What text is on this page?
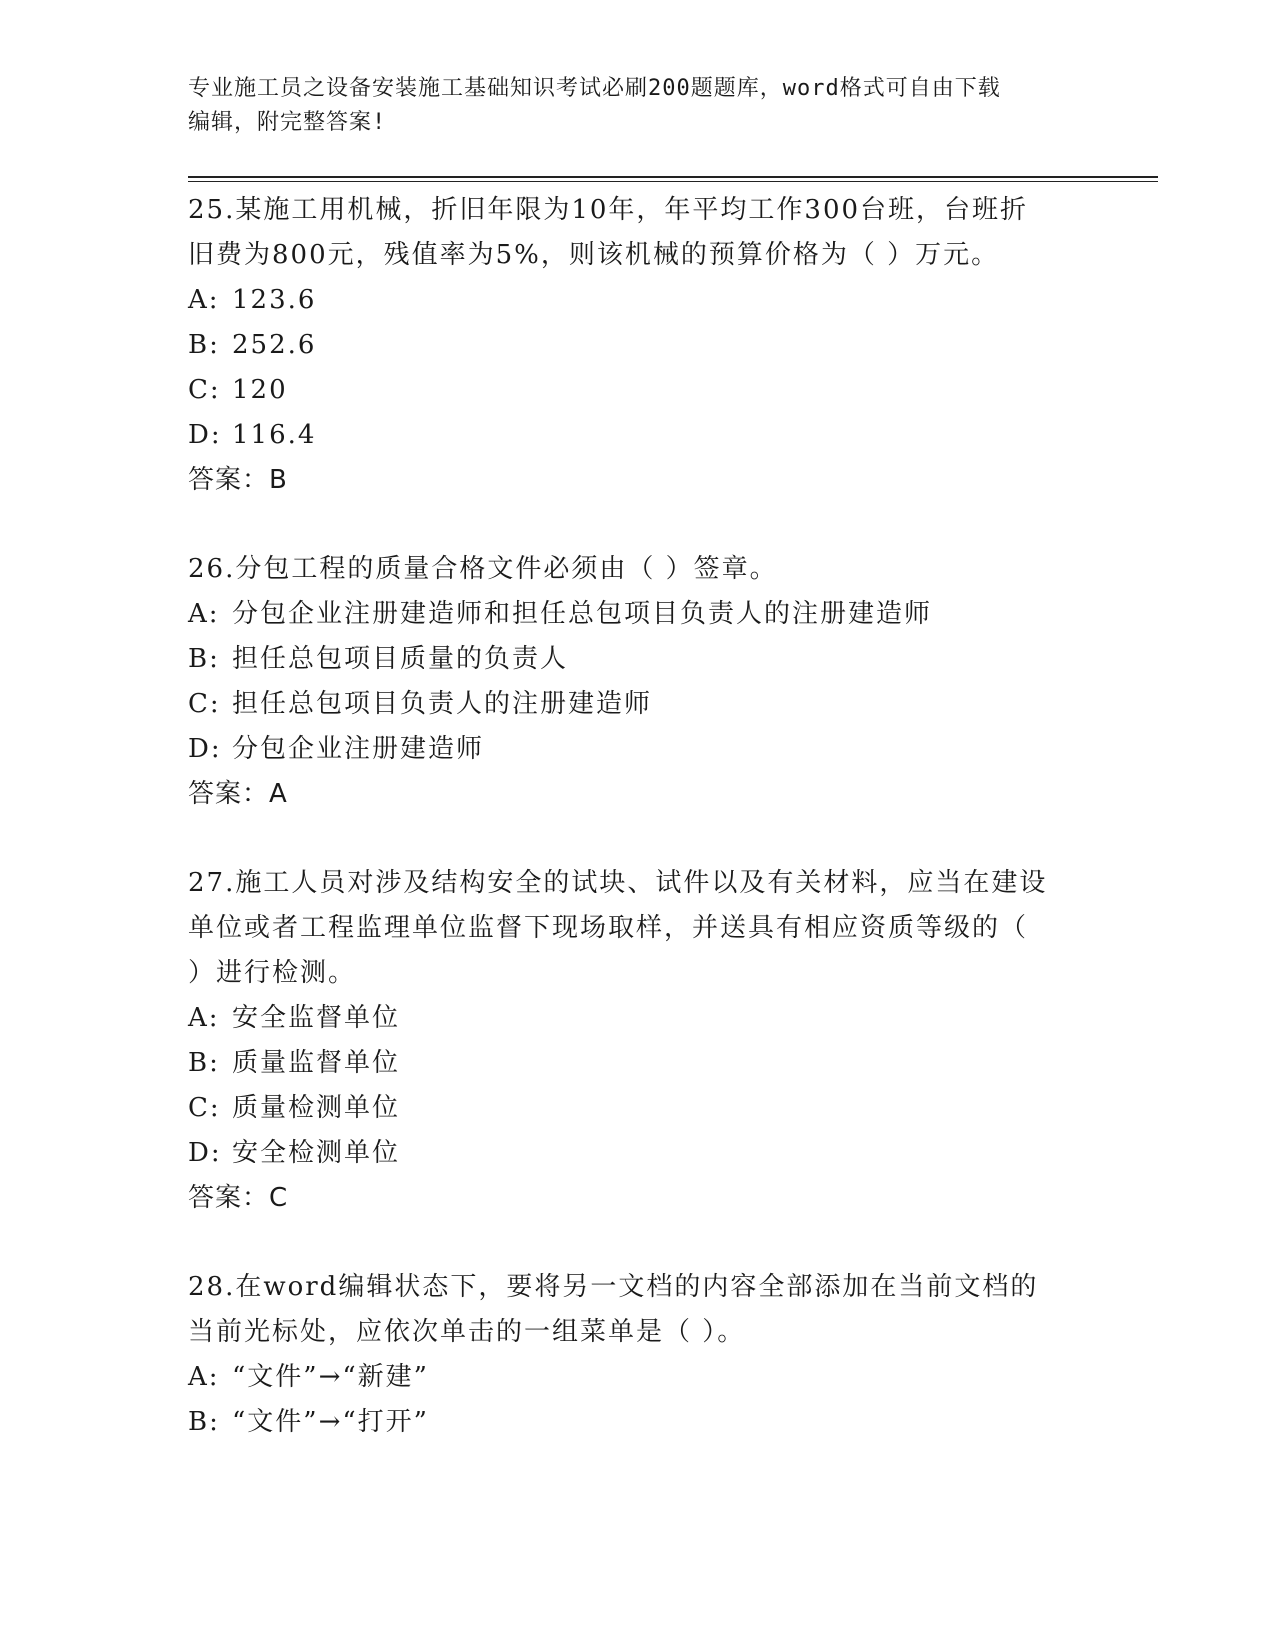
专业施工员之设备安装施工基础知识考试必刷200题题库，word格式可自由下载
编辑，附完整答案!

25.某施工用机械，折旧年限为10年，年平均工作300台班，台班折

旧费为800元，残值率为5%，则该机械的预算价格为（ ）万元。

A: 123.6

B: 252.6

C: 120

D: 116.4

答案：B

26.分包工程的质量合格文件必须由（ ）签章。

A: 分包企业注册建造师和担任总包项目负责人的注册建造师

B: 担任总包项目质量的负责人

C: 担任总包项目负责人的注册建造师

D: 分包企业注册建造师

答案：A

27.施工人员对涉及结构安全的试块、试件以及有关材料，应当在建设

单位或者工程监理单位监督下现场取样，并送具有相应资质等级的（

）进行检测。

A: 安全监督单位

B: 质量监督单位

C: 质量检测单位

D: 安全检测单位

答案：C

28.在word编辑状态下，要将另一文档的内容全部添加在当前文档的

当前光标处，应依次单击的一组菜单是（ ）。

A: “文件”→“新建”

B: “文件”→“打开”
